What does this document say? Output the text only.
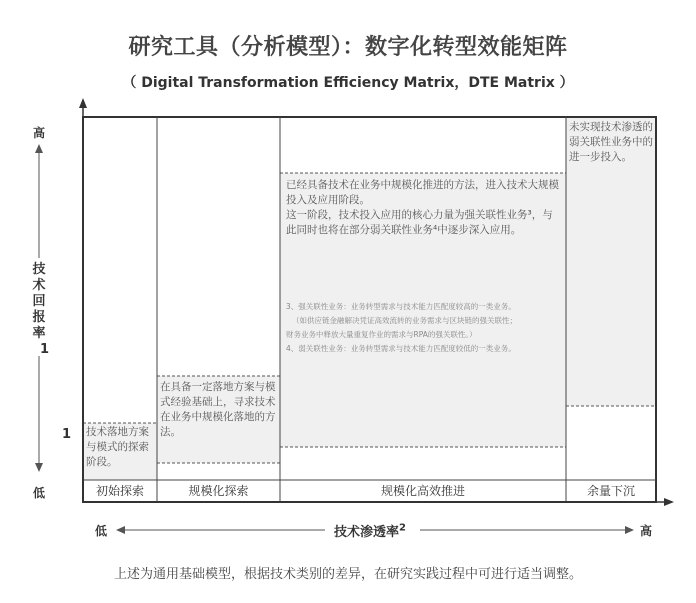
研究工具（分析模型）：数字化转型效能矩阵
（ Digital Transformation Efficiency Matrix，DTE Matrix ）
高
低
技术回报率
1
1 技术落地方案与模式的探索阶段。
在具备一定落地方案与模式经验基础上，寻求技术在业务中规模化落地的方法。
已经具备技术在业务中规模化推进的方法，进入技术大规模投入及应用阶段。
这一阶段，技术投入应用的核心力量为强关联性业务³，与此同时也将在部分弱关联性业务⁴中逐步深入应用。
未实现技术渗透的弱关联性业务中的进一步投入。
3、强关联性业务：业务转型需求与技术能力匹配度较高的一类业务。
（如供应链金融解决凭证高效流转的业务需求与区块链的强关联性；
财务业务中释放大量重复作业的需求与RPA的强关联性。）
4、弱关联性业务：业务转型需求与技术能力匹配度较低的一类业务。
初始探索	规模化探索	规模化高效推进	余量下沉
低	高
技术渗透率$^2$
上述为通用基础模型，根据技术类别的差异，在研究实践过程中可进行适当调整。
